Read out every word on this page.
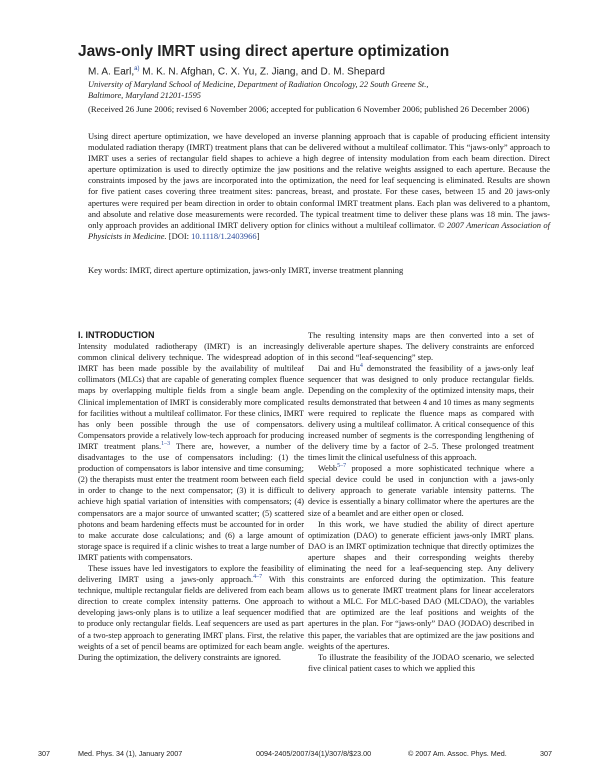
Jaws-only IMRT using direct aperture optimization
M. A. Earl,$^{a)}$ M. K. N. Afghan, C. X. Yu, Z. Jiang, and D. M. Shepard
University of Maryland School of Medicine, Department of Radiation Oncology, 22 South Greene St.,
Baltimore, Maryland 21201-1595
(Received 26 June 2006; revised 6 November 2006; accepted for publication 6 November 2006; published 26 December 2006)
Using direct aperture optimization, we have developed an inverse planning approach that is capable of producing efficient intensity modulated radiation therapy (IMRT) treatment plans that can be delivered without a multileaf collimator. This “jaws-only” approach to IMRT uses a series of rectangular field shapes to achieve a high degree of intensity modulation from each beam direction. Direct aperture optimization is used to directly optimize the jaw positions and the relative weights assigned to each aperture. Because the constraints imposed by the jaws are incorporated into the optimization, the need for leaf sequencing is eliminated. Results are shown for five patient cases covering three treatment sites: pancreas, breast, and prostate. For these cases, between 15 and 20 jaws-only apertures were required per beam direction in order to obtain conformal IMRT treatment plans. Each plan was delivered to a phantom, and absolute and relative dose measurements were recorded. The typical treatment time to deliver these plans was 18 min. The jaws-only approach provides an additional IMRT delivery option for clinics without a multileaf collimator. © 2007 American Association of Physicists in Medicine. [DOI: 10.1118/1.2403966]
Key words: IMRT, direct aperture optimization, jaws-only IMRT, inverse treatment planning

I. INTRODUCTION

Intensity modulated radiotherapy (IMRT) is an increasingly common clinical delivery technique. The widespread adoption of IMRT has been made possible by the availability of multileaf collimators (MLCs) that are capable of generating complex fluence maps by overlapping multiple fields from a single beam angle. Clinical implementation of IMRT is considerably more complicated for facilities without a multileaf collimator. For these clinics, IMRT has only been possible through the use of compensators. Compensators provide a relatively low-tech approach for producing IMRT treatment plans.$^{1-3}$ There are, however, a number of disadvantages to the use of compensators including: (1) the production of compensators is labor intensive and time consuming; (2) the therapists must enter the treatment room between each field in order to change to the next compensator; (3) it is difficult to achieve high spatial variation of intensities with compensators; (4) compensators are a major source of unwanted scatter; (5) scattered photons and beam hardening effects must be accounted for in order to make accurate dose calculations; and (6) a large amount of storage space is required if a clinic wishes to treat a large number of IMRT patients with compensators.

These issues have led investigators to explore the feasibility of delivering IMRT using a jaws-only approach.$^{4-7}$ With this technique, multiple rectangular fields are delivered from each beam direction to create complex intensity patterns. One approach to developing jaws-only plans is to utilize a leaf sequencer modified to produce only rectangular fields. Leaf sequencers are used as part of a two-step approach to generating IMRT plans. First, the relative weights of a set of pencil beams are optimized for each beam angle. During the optimization, the delivery constraints are ignored.

The resulting intensity maps are then converted into a set of deliverable aperture shapes. The delivery constraints are enforced in this second “leaf-sequencing” step.

Dai and Hu$^4$ demonstrated the feasibility of a jaws-only leaf sequencer that was designed to only produce rectangular fields. Depending on the complexity of the optimized intensity maps, their results demonstrated that between 4 and 10 times as many segments were required to replicate the fluence maps as compared with delivery using a multileaf collimator. A critical consequence of this increased number of segments is the corresponding lengthening of the delivery time by a factor of 2–5. These prolonged treatment times limit the clinical usefulness of this approach.

Webb$^{5-7}$ proposed a more sophisticated technique where a special device could be used in conjunction with a jaws-only delivery approach to generate variable intensity patterns. The device is essentially a binary collimator where the apertures are the size of a beamlet and are either open or closed.

In this work, we have studied the ability of direct aperture optimization (DAO) to generate efficient jaws-only IMRT plans. DAO is an IMRT optimization technique that directly optimizes the aperture shapes and their corresponding weights thereby eliminating the need for a leaf-sequencing step. Any delivery constraints are enforced during the optimization. This feature allows us to generate IMRT treatment plans for linear accelerators without a MLC. For MLC-based DAO (MLCDAO), the variables that are optimized are the leaf positions and weights of the apertures in the plan. For “jaws-only” DAO (JODAO) described in this paper, the variables that are optimized are the jaw positions and weights of the apertures.

To illustrate the feasibility of the JODAO scenario, we selected five clinical patient cases to which we applied this

307	Med. Phys. 34 (1), January 2007	0094-2405/2007/34(1)/307/8/$23.00	© 2007 Am. Assoc. Phys. Med.	307
